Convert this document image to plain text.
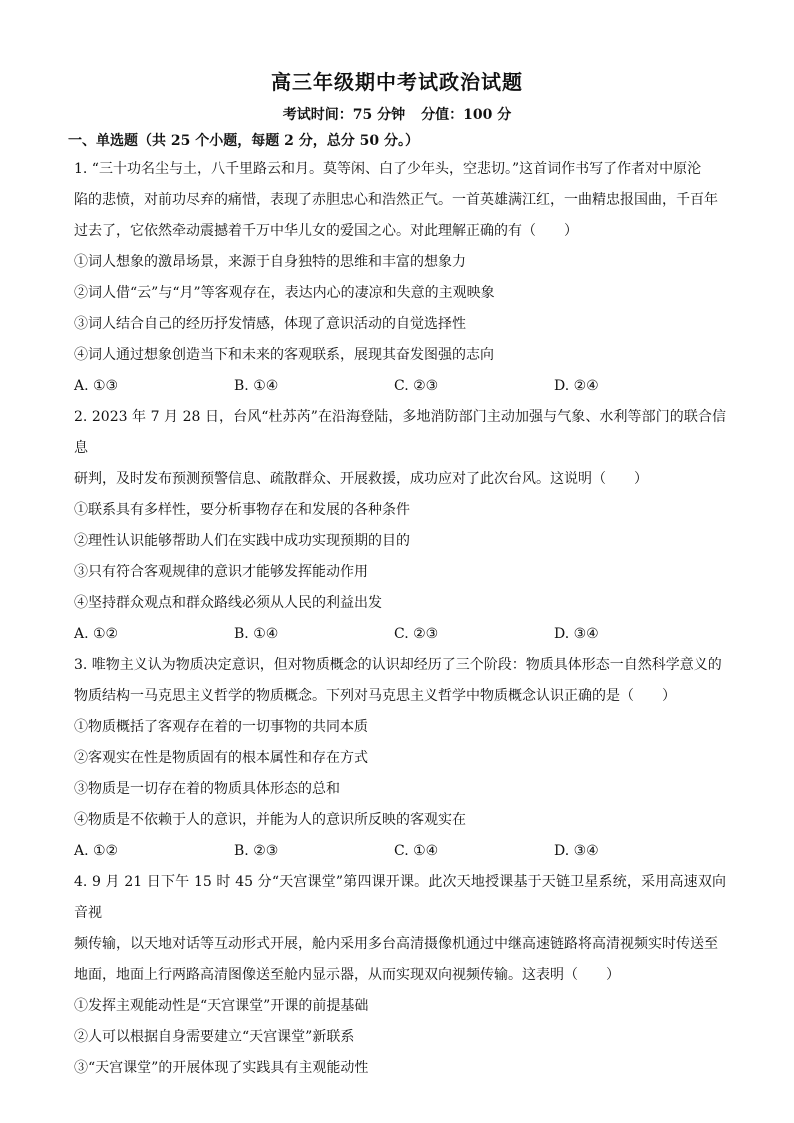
高三年级期中考试政治试题
考试时间：75 分钟 分值：100 分
一、单选题（共 25 个小题，每题 2 分，总分 50 分。）
1. “三十功名尘与土，八千里路云和月。莫等闲、白了少年头，空悲切。”这首词作书写了作者对中原沦
陷的悲愤，对前功尽弃的痛惜，表现了赤胆忠心和浩然正气。一首英雄满江红，一曲精忠报国曲，千百年
过去了，它依然牵动震撼着千万中华儿女的爱国之心。对此理解正确的有（　　）
①词人想象的激昂场景，来源于自身独特的思维和丰富的想象力
②词人借“云”与“月”等客观存在，表达内心的凄凉和失意的主观映象
③词人结合自己的经历抒发情感，体现了意识活动的自觉选择性
④词人通过想象创造当下和未来的客观联系，展现其奋发图强的志向
A. ①③	B. ①④	C. ②③	D. ②④
2. 2023 年 7 月 28 日，台风“杜苏芮”在沿海登陆，多地消防部门主动加强与气象、水利等部门的联合信息
研判，及时发布预测预警信息、疏散群众、开展救援，成功应对了此次台风。这说明（　　）
①联系具有多样性，要分析事物存在和发展的各种条件
②理性认识能够帮助人们在实践中成功实现预期的目的
③只有符合客观规律的意识才能够发挥能动作用
④坚持群众观点和群众路线必须从人民的利益出发
A. ①②	B. ①④	C. ②③	D. ③④
3. 唯物主义认为物质决定意识，但对物质概念的认识却经历了三个阶段：物质具体形态一自然科学意义的
物质结构一马克思主义哲学的物质概念。下列对马克思主义哲学中物质概念认识正确的是（　　）
①物质概括了客观存在着的一切事物的共同本质
②客观实在性是物质固有的根本属性和存在方式
③物质是一切存在着的物质具体形态的总和
④物质是不依赖于人的意识，并能为人的意识所反映的客观实在
A. ①②	B. ②③	C. ①④	D. ③④
4. 9 月 21 日下午 15 时 45 分“天宫课堂”第四课开课。此次天地授课基于天链卫星系统，采用高速双向音视
频传输，以天地对话等互动形式开展，舱内采用多台高清摄像机通过中继高速链路将高清视频实时传送至
地面，地面上行两路高清图像送至舱内显示器，从而实现双向视频传输。这表明（　　）
①发挥主观能动性是“天宫课堂”开课的前提基础
②人可以根据自身需要建立“天宫课堂”新联系
③“天宫课堂”的开展体现了实践具有主观能动性
